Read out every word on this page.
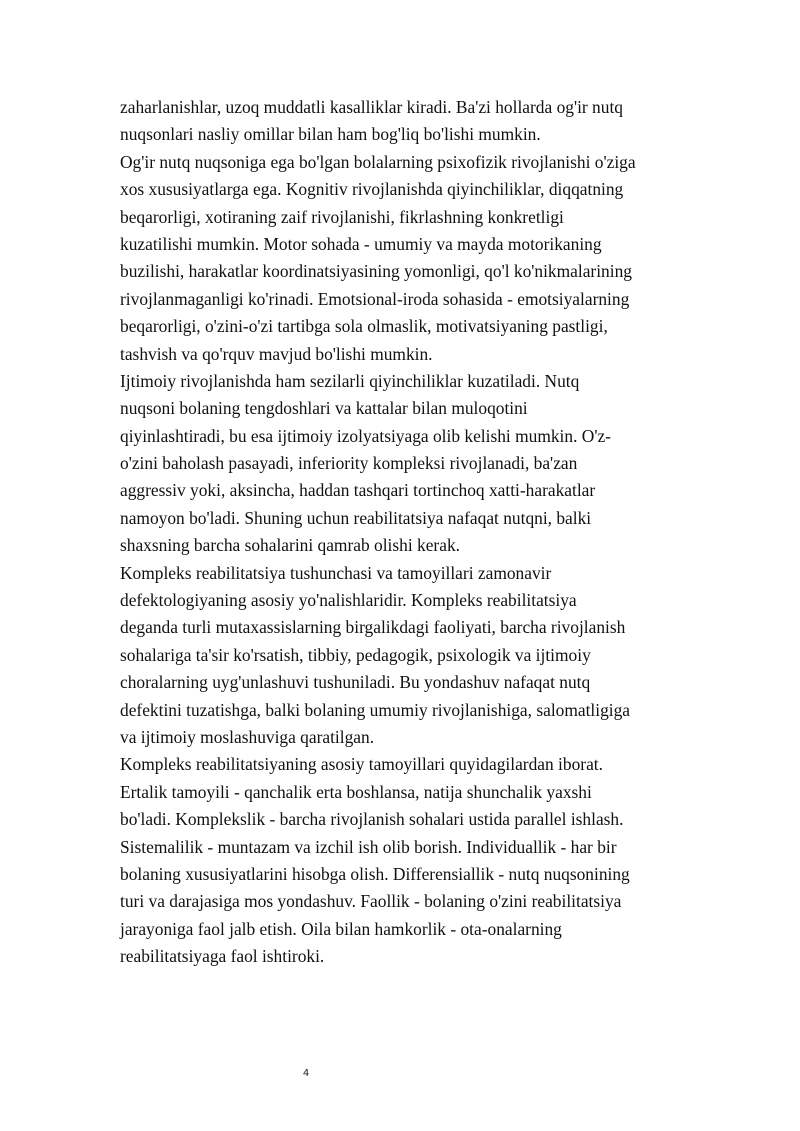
zaharlanishlar, uzoq muddatli kasalliklar kiradi. Ba'zi hollarda og'ir nutq
nuqsonlari nasliy omillar bilan ham bog'liq bo'lishi mumkin.
Og'ir nutq nuqsoniga ega bo'lgan bolalarning psixofizik rivojlanishi o'ziga
xos xususiyatlarga ega. Kognitiv rivojlanishda qiyinchiliklar, diqqatning
beqarorligi, xotiraning zaif rivojlanishi, fikrlashning konkretligi
kuzatilishi mumkin. Motor sohada - umumiy va mayda motorikaning
buzilishi, harakatlar koordinatsiyasining yomonligi, qo'l ko'nikmalarining
rivojlanmaganligi ko'rinadi. Emotsional-iroda sohasida - emotsiyalarning
beqarorligi, o'zini-o'zi tartibga sola olmaslik, motivatsiyaning pastligi,
tashvish va qo'rquv mavjud bo'lishi mumkin.
Ijtimoiy rivojlanishda ham sezilarli qiyinchiliklar kuzatiladi. Nutq
nuqsoni bolaning tengdoshlari va kattalar bilan muloqotini
qiyinlashtiradi, bu esa ijtimoiy izolyatsiyaga olib kelishi mumkin. O'z-
o'zini baholash pasayadi, inferiority kompleksi rivojlanadi, ba'zan
aggressiv yoki, aksincha, haddan tashqari tortinchoq xatti-harakatlar
namoyon bo'ladi. Shuning uchun reabilitatsiya nafaqat nutqni, balki
shaxsning barcha sohalarini qamrab olishi kerak.
Kompleks reabilitatsiya tushunchasi va tamoyillari zamonavir
defektologiyaning asosiy yo'nalishlaridir. Kompleks reabilitatsiya
deganda turli mutaxassislarning birgalikdagi faoliyati, barcha rivojlanish
sohalariga ta'sir ko'rsatish, tibbiy, pedagogik, psixologik va ijtimoiy
choralarning uyg'unlashuvi tushuniladi. Bu yondashuv nafaqat nutq
defektini tuzatishga, balki bolaning umumiy rivojlanishiga, salomatligiga
va ijtimoiy moslashuviga qaratilgan.
Kompleks reabilitatsiyaning asosiy tamoyillari quyidagilardan iborat.
Ertalik tamoyili - qanchalik erta boshlansa, natija shunchalik yaxshi
bo'ladi. Komplekslik - barcha rivojlanish sohalari ustida parallel ishlash.
Sistemalilik - muntazam va izchil ish olib borish. Individuallik - har bir
bolaning xususiyatlarini hisobga olish. Differensiallik - nutq nuqsonining
turi va darajasiga mos yondashuv. Faollik - bolaning o'zini reabilitatsiya
jarayoniga faol jalb etish. Oila bilan hamkorlik - ota-onalarning
reabilitatsiyaga faol ishtiroki.
4
